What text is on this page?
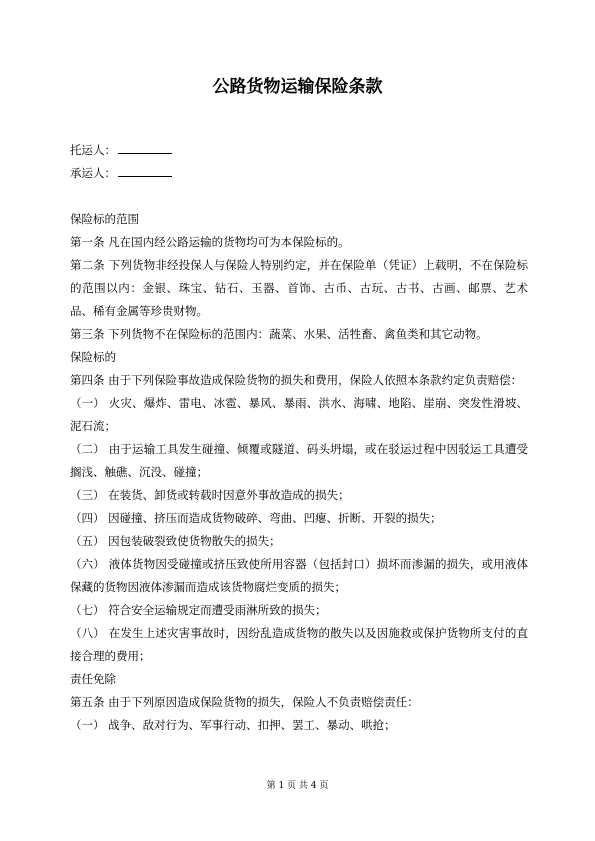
公路货物运输保险条款
托运人：
承运人：

保险标的范围

第一条 凡在国内经公路运输的货物均可为本保险标的。

第二条 下列货物非经投保人与保险人特别约定，并在保险单（凭证）上载明，不在保险标的范围以内：金银、珠宝、钻石、玉器、首饰、古币、古玩、古书、古画、邮票、艺术品、稀有金属等珍贵财物。

第三条 下列货物不在保险标的范围内：蔬菜、水果、活牲畜、禽鱼类和其它动物。

保险标的

第四条 由于下列保险事故造成保险货物的损失和费用，保险人依照本条款约定负责赔偿：

（一） 火灾、爆炸、雷电、冰雹、暴风、暴雨、洪水、海啸、地陷、崖崩、突发性滑坡、泥石流；

（二） 由于运输工具发生碰撞、倾覆或隧道、码头坍塌，或在驳运过程中因驳运工具遭受搁浅、触礁、沉没、碰撞；

（三） 在装货、卸货或转载时因意外事故造成的损失；

（四） 因碰撞、挤压而造成货物破碎、弯曲、凹瘪、折断、开裂的损失；

（五） 因包装破裂致使货物散失的损失；

（六） 液体货物因受碰撞或挤压致使所用容器（包括封口）损坏而渗漏的损失，或用液体保藏的货物因液体渗漏而造成该货物腐烂变质的损失；

（七） 符合安全运输规定而遭受雨淋所致的损失；

（八） 在发生上述灾害事故时，因纷乱造成货物的散失以及因施救或保护货物所支付的直接合理的费用；

责任免除

第五条 由于下列原因造成保险货物的损失，保险人不负责赔偿责任：

（一） 战争、敌对行为、军事行动、扣押、罢工、暴动、哄抢；

第 1 页 共 4 页
